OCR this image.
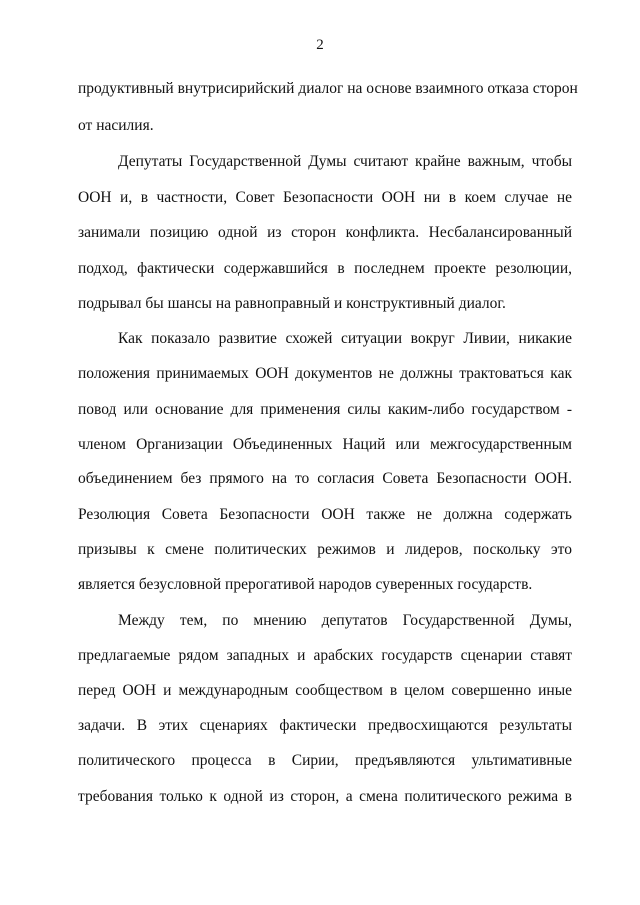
2
продуктивный внутрисирийский диалог на основе взаимного отказа сторон
от насилия.
Депутаты Государственной Думы считают крайне важным, чтобы
ООН и, в частности, Совет Безопасности ООН ни в коем случае не
занимали позицию одной из сторон конфликта. Несбалансированный
подход, фактически содержавшийся в последнем проекте резолюции,
подрывал бы шансы на равноправный и конструктивный диалог.
Как показало развитие схожей ситуации вокруг Ливии, никакие
положения принимаемых ООН документов не должны трактоваться как
повод или основание для применения силы каким-либо государством -
членом Организации Объединенных Наций или межгосударственным
объединением без прямого на то согласия Совета Безопасности ООН.
Резолюция Совета Безопасности ООН также не должна содержать
призывы к смене политических режимов и лидеров, поскольку это
является безусловной прерогативой народов суверенных государств.
Между тем, по мнению депутатов Государственной Думы,
предлагаемые рядом западных и арабских государств сценарии ставят
перед ООН и международным сообществом в целом совершенно иные
задачи. В этих сценариях фактически предвосхищаются результаты
политического процесса в Сирии, предъявляются ультимативные
требования только к одной из сторон, а смена политического режима в
